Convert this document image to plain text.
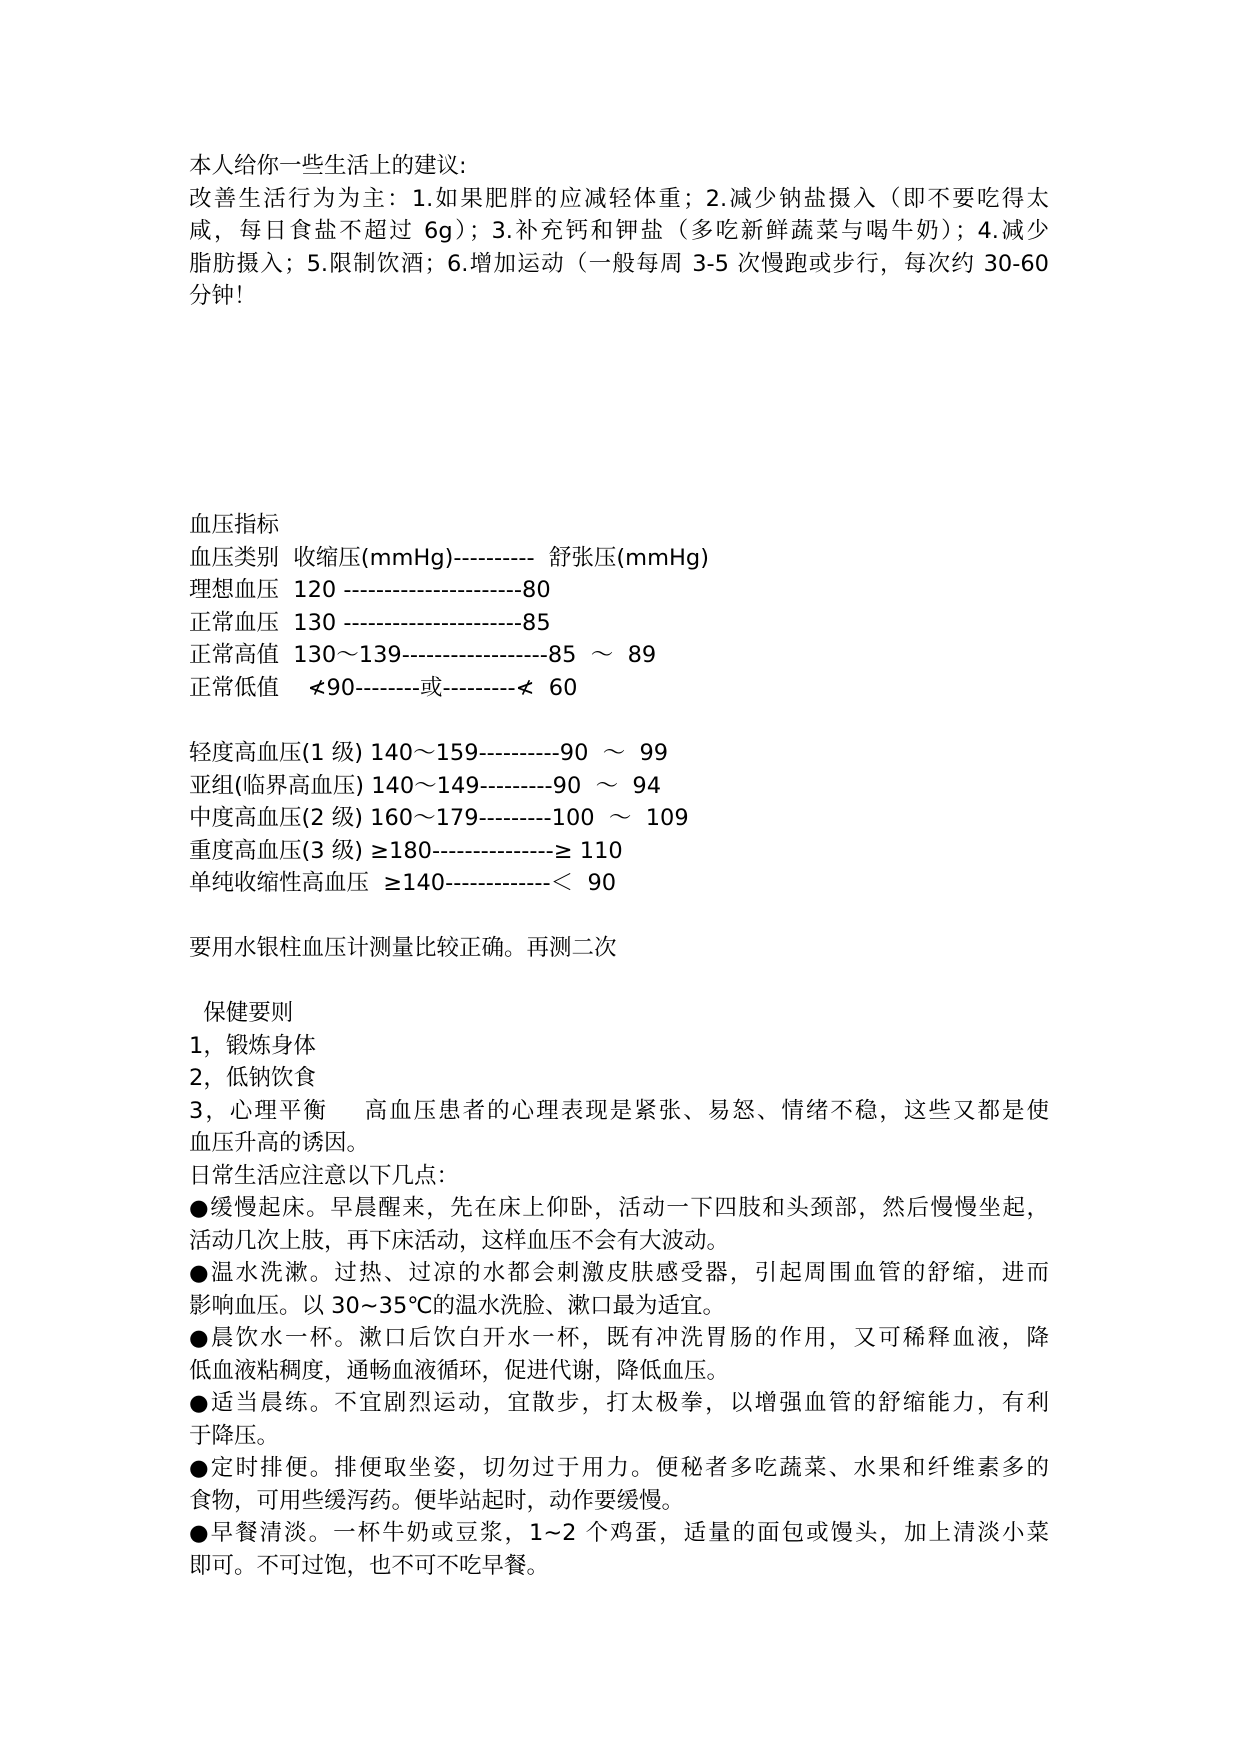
本人给你一些生活上的建议:
改善生活行为为主：1.如果肥胖的应减轻体重；2.减少钠盐摄入（即不要吃得太
咸，每日食盐不超过 6g）；3.补充钙和钾盐（多吃新鲜蔬菜与喝牛奶）；4.减少
脂肪摄入；5.限制饮酒；6.增加运动（一般每周 3-5 次慢跑或步行，每次约 30-60
分钟！
血压指标
血压类别  收缩压(mmHg)----------  舒张压(mmHg)
理想血压  120 ----------------------80
正常血压  130 ----------------------85
正常高值  130～139------------------85  ～  89
正常低值    ≮90--------或---------≮  60
轻度高血压(1 级) 140～159----------90  ～  99
亚组(临界高血压) 140～149---------90  ～  94
中度高血压(2 级) 160～179---------100  ～  109
重度高血压(3 级) ≥180---------------≥ 110
单纯收缩性高血压  ≥140-------------＜  90
要用水银柱血压计测量比较正确。再测二次
保健要则
1，锻炼身体
2，低钠饮食
3，心理平衡    高血压患者的心理表现是紧张、易怒、情绪不稳，这些又都是使
血压升高的诱因。
日常生活应注意以下几点：
●缓慢起床。早晨醒来，先在床上仰卧，活动一下四肢和头颈部，然后慢慢坐起，
活动几次上肢，再下床活动，这样血压不会有大波动。
●温水洗漱。过热、过凉的水都会刺激皮肤感受器，引起周围血管的舒缩，进而
影响血压。以 30~35℃的温水洗脸、漱口最为适宜。
●晨饮水一杯。漱口后饮白开水一杯，既有冲洗胃肠的作用，又可稀释血液，降
低血液粘稠度，通畅血液循环，促进代谢，降低血压。
●适当晨练。不宜剧烈运动，宜散步，打太极拳，以增强血管的舒缩能力，有利
于降压。
●定时排便。排便取坐姿，切勿过于用力。便秘者多吃蔬菜、水果和纤维素多的
食物，可用些缓泻药。便毕站起时，动作要缓慢。
●早餐清淡。一杯牛奶或豆浆，1~2 个鸡蛋，适量的面包或馒头，加上清淡小菜
即可。不可过饱，也不可不吃早餐。
